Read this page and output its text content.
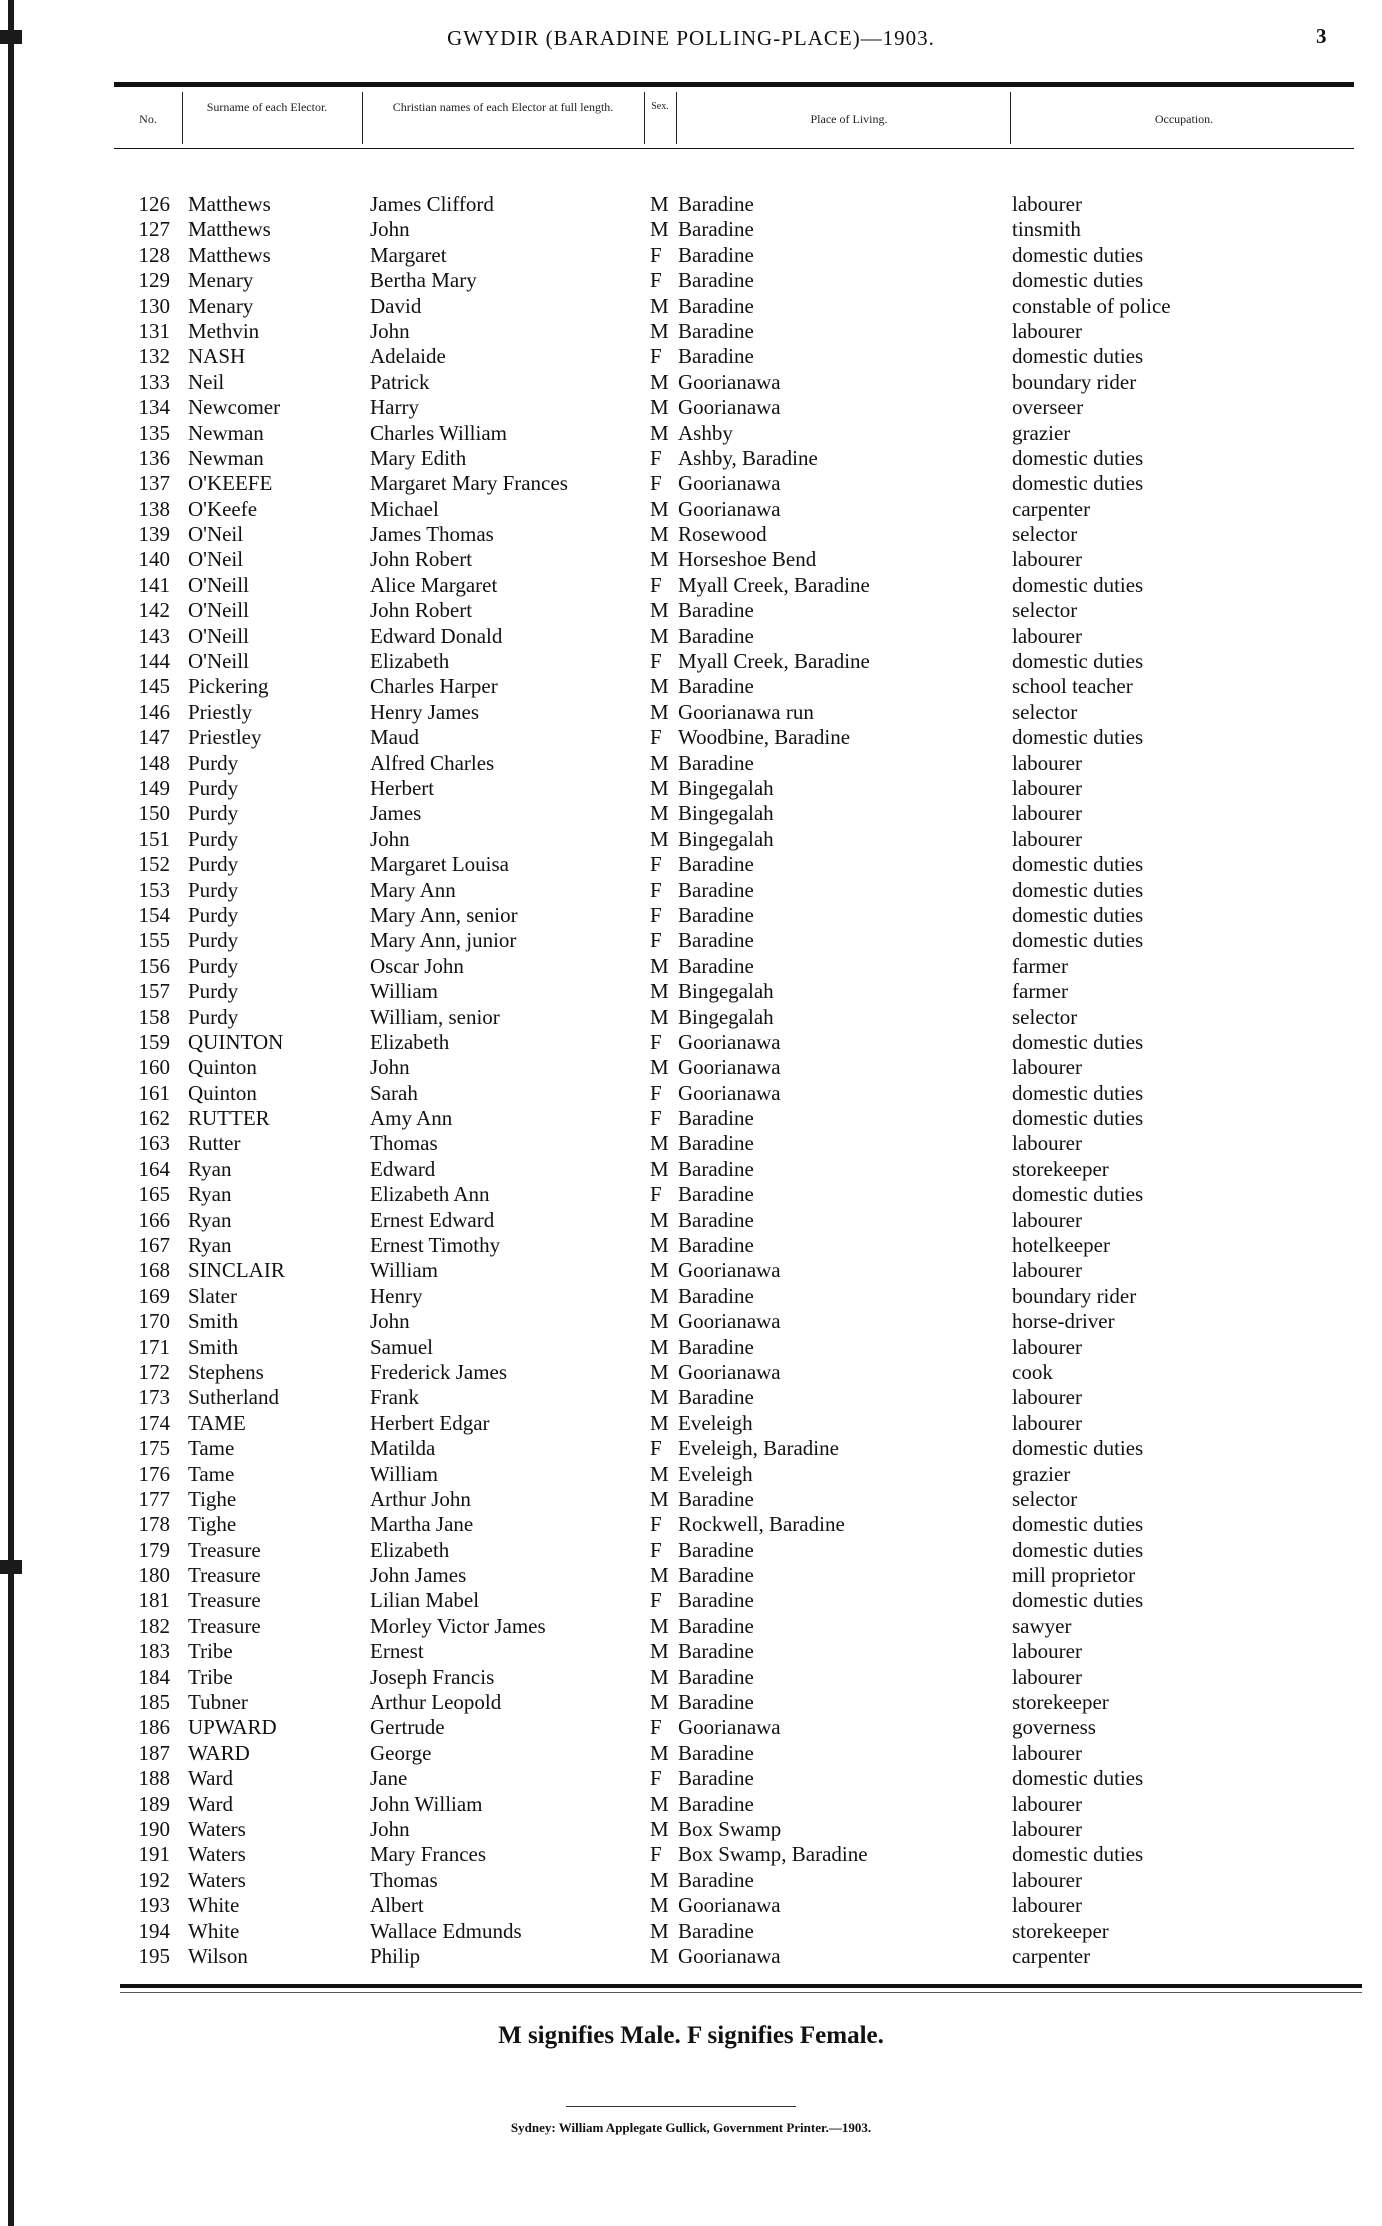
GWYDIR (BARADINE POLLING-PLACE)—1903.	3
No.
Surname of each Elector.	Christian names of each Elector at full length.	Sex.
Place of Living.	Occupation.
126 Matthews	James Clifford	M Baradine	labourer
127 Matthews	John	M Baradine	tinsmith
128 Matthews	Margaret	F Baradine	domestic duties
129 Menary	Bertha Mary	F Baradine	domestic duties
130 Menary	David	M Baradine	constable of police
131 Methvin	John	M Baradine	labourer
132 NASH	Adelaide	F Baradine	domestic duties
133 Neil	Patrick	M Goorianawa	boundary rider
134 Newcomer	Harry	M Goorianawa	overseer
135 Newman	Charles William	M Ashby	grazier
136 Newman	Mary Edith	F Ashby, Baradine	domestic duties
137 O'KEEFE	Margaret Mary Frances	F Goorianawa	domestic duties
138 O'Keefe	Michael	M Goorianawa	carpenter
139 O'Neil	James Thomas	M Rosewood	selector
140 O'Neil	John Robert	M Horseshoe Bend	labourer
141 O'Neill	Alice Margaret	F Myall Creek, Baradine	domestic duties
142 O'Neill	John Robert	M Baradine	selector
143 O'Neill	Edward Donald	M Baradine	labourer
144 O'Neill	Elizabeth	F Myall Creek, Baradine	domestic duties
145 Pickering	Charles Harper	M Baradine	school teacher
146 Priestly	Henry James	M Goorianawa run	selector
147 Priestley	Maud	F Woodbine, Baradine	domestic duties
148 Purdy	Alfred Charles	M Baradine	labourer
149 Purdy	Herbert	M Bingegalah	labourer
150 Purdy	James	M Bingegalah	labourer
151 Purdy	John	M Bingegalah	labourer
152 Purdy	Margaret Louisa	F Baradine	domestic duties
153 Purdy	Mary Ann	F Baradine	domestic duties
154 Purdy	Mary Ann, senior	F Baradine	domestic duties
155 Purdy	Mary Ann, junior	F Baradine	domestic duties
156 Purdy	Oscar John	M Baradine	farmer
157 Purdy	William	M Bingegalah	farmer
158 Purdy	William, senior	M Bingegalah	selector
159 QUINTON	Elizabeth	F Goorianawa	domestic duties
160 Quinton	John	M Goorianawa	labourer
161 Quinton	Sarah	F Goorianawa	domestic duties
162 RUTTER	Amy Ann	F Baradine	domestic duties
163 Rutter	Thomas	M Baradine	labourer
164 Ryan	Edward	M Baradine	storekeeper
165 Ryan	Elizabeth Ann	F Baradine	domestic duties
166 Ryan	Ernest Edward	M Baradine	labourer
167 Ryan	Ernest Timothy	M Baradine	hotelkeeper
168 SINCLAIR	William	M Goorianawa	labourer
169 Slater	Henry	M Baradine	boundary rider
170 Smith	John	M Goorianawa	horse-driver
171 Smith	Samuel	M Baradine	labourer
172 Stephens	Frederick James	M Goorianawa	cook
173 Sutherland	Frank	M Baradine	labourer
174 TAME	Herbert Edgar	M Eveleigh	labourer
175 Tame	Matilda	F Eveleigh, Baradine	domestic duties
176 Tame	William	M Eveleigh	grazier
177 Tighe	Arthur John	M Baradine	selector
178 Tighe	Martha Jane	F Rockwell, Baradine	domestic duties
179 Treasure	Elizabeth	F Baradine	domestic duties
180 Treasure	John James	M Baradine	mill proprietor
181 Treasure	Lilian Mabel	F Baradine	domestic duties
182 Treasure	Morley Victor James	M Baradine	sawyer
183 Tribe	Ernest	M Baradine	labourer
184 Tribe	Joseph Francis	M Baradine	labourer
185 Tubner	Arthur Leopold	M Baradine	storekeeper
186 UPWARD	Gertrude	F Goorianawa	governess
187 WARD	George	M Baradine	labourer
188 Ward	Jane	F Baradine	domestic duties
189 Ward	John William	M Baradine	labourer
190 Waters	John	M Box Swamp	labourer
191 Waters	Mary Frances	F Box Swamp, Baradine	domestic duties
192 Waters	Thomas	M Baradine	labourer
193 White	Albert	M Goorianawa	labourer
194 White	Wallace Edmunds	M Baradine	storekeeper
195 Wilson	Philip	M Goorianawa	carpenter
M signifies Male. F signifies Female.
Sydney: William Applegate Gullick, Government Printer.—1903.
